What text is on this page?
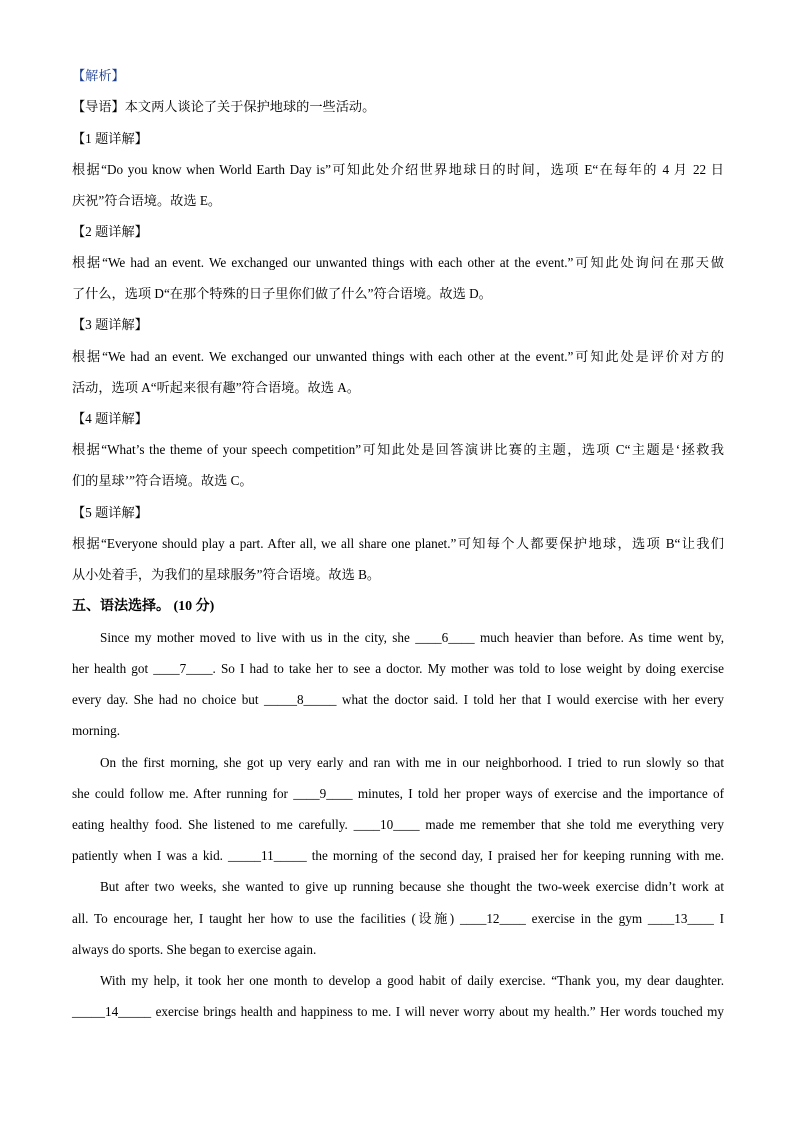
【解析】
【导语】本文两人谈论了关于保护地球的一些活动。
【1 题详解】
根据“Do you know when World Earth Day is”可知此处介绍世界地球日的时间，选项 E“在每年的 4 月 22 日
庆祝”符合语境。故选 E。
【2 题详解】
根据“We had an event. We exchanged our unwanted things with each other at the event.”可知此处询问在那天做
了什么，选项 D“在那个特殊的日子里你们做了什么”符合语境。故选 D。
【3 题详解】
根据“We had an event. We exchanged our unwanted things with each other at the event.”可知此处是评价对方的
活动，选项 A“听起来很有趣”符合语境。故选 A。
【4 题详解】
根据“What’s the theme of your speech competition”可知此处是回答演讲比赛的主题，选项 C“主题是‘拯救我
们的星球’”符合语境。故选 C。
【5 题详解】
根据“Everyone should play a part. After all, we all share one planet.”可知每个人都要保护地球，选项 B“让我们
从小处着手，为我们的星球服务”符合语境。故选 B。
五、语法选择。 (10 分)
Since my mother moved to live with us in the city, she ____6____ much heavier than before. As time went by,
her health got ____7____. So I had to take her to see a doctor. My mother was told to lose weight by doing exercise
every day. She had no choice but _____8_____ what the doctor said. I told her that I would exercise with her every
morning.
On the first morning, she got up very early and ran with me in our neighborhood. I tried to run slowly so that
she could follow me. After running for ____9____ minutes, I told her proper ways of exercise and the importance of
eating healthy food. She listened to me carefully. ____10____ made me remember that she told me everything very
patiently when I was a kid. _____11_____ the morning of the second day, I praised her for keeping running with me.
But after two weeks, she wanted to give up running because she thought the two-week exercise didn’t work at
all. To encourage her, I taught her how to use the facilities (设施) ____12____ exercise in the gym ____13____ I
always do sports. She began to exercise again.
With my help, it took her one month to develop a good habit of daily exercise. “Thank you, my dear daughter.
_____14_____ exercise brings health and happiness to me. I will never worry about my health.” Her words touched my
